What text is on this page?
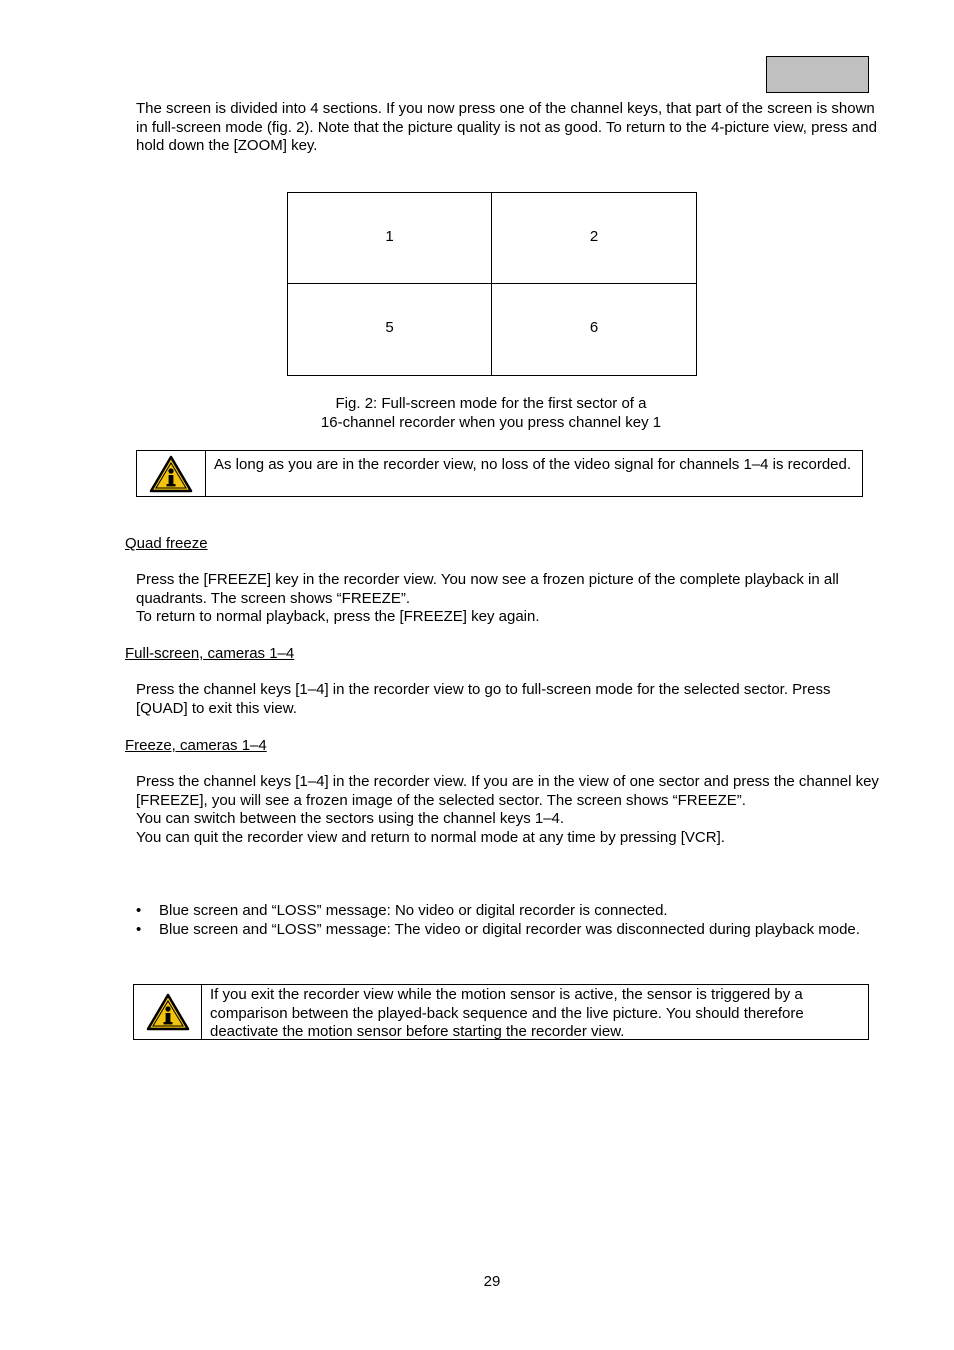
The screen is divided into 4 sections. If you now press one of the channel keys, that part of the screen is shown in full-screen mode (fig. 2). Note that the picture quality is not as good. To return to the 4-picture view, press and hold down the [ZOOM] key.

1	2
5	6

Fig. 2: Full-screen mode for the first sector of a
16-channel recorder when you press channel key 1

As long as you are in the recorder view, no loss of the video signal for channels 1–4 is recorded.

Quad freeze

Press the [FREEZE] key in the recorder view. You now see a frozen picture of the complete playback in all quadrants. The screen shows “FREEZE”.
To return to normal playback, press the [FREEZE] key again.

Full-screen, cameras 1–4

Press the channel keys [1–4] in the recorder view to go to full-screen mode for the selected sector. Press [QUAD] to exit this view.

Freeze, cameras 1–4

Press the channel keys [1–4] in the recorder view. If you are in the view of one sector and press the channel key [FREEZE], you will see a frozen image of the selected sector. The screen shows “FREEZE”.
You can switch between the sectors using the channel keys 1–4.
You can quit the recorder view and return to normal mode at any time by pressing [VCR].

• Blue screen and “LOSS” message: No video or digital recorder is connected.
• Blue screen and “LOSS” message: The video or digital recorder was disconnected during playback mode.
If you exit the recorder view while the motion sensor is active, the sensor is triggered by a comparison between the played-back sequence and the live picture. You should therefore deactivate the motion sensor before starting the recorder view.
29
